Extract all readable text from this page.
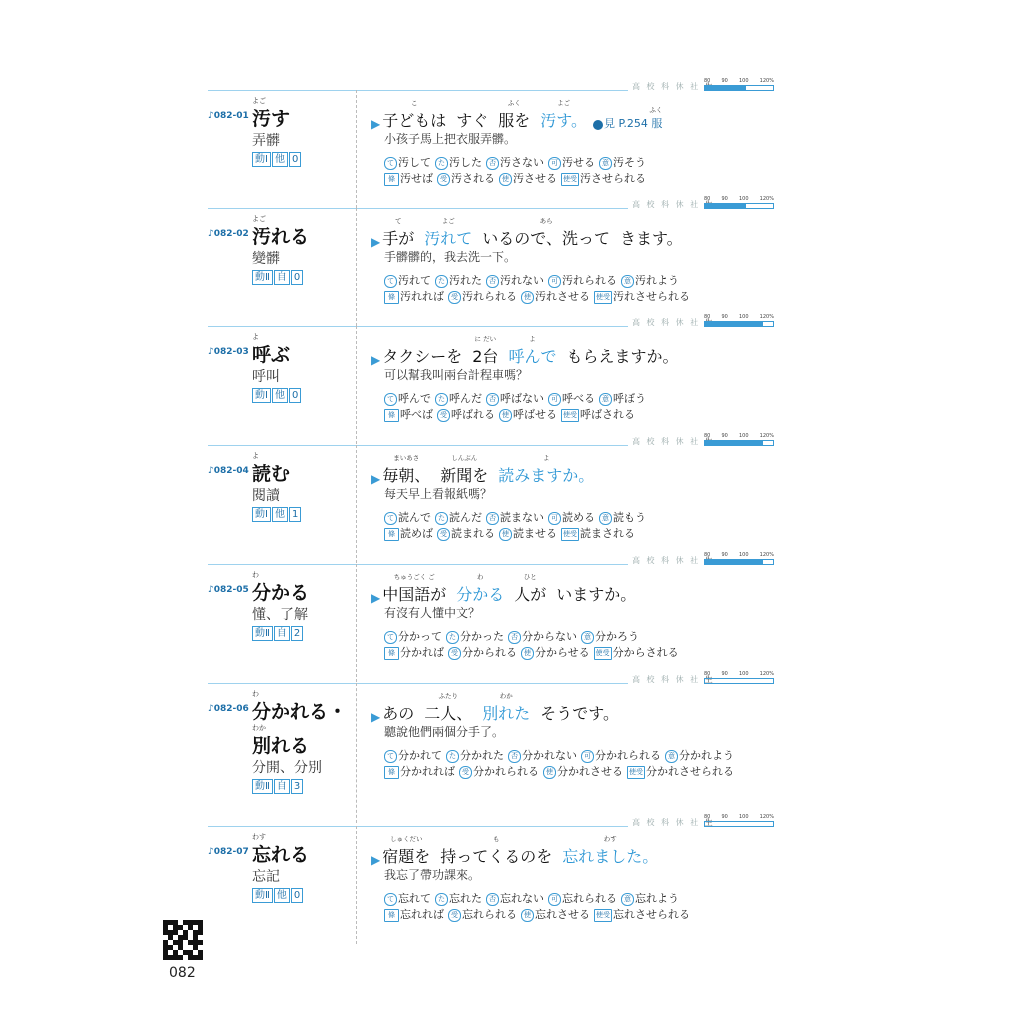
高 校 科 休 社
80 90 100 120%
♪082-01
よご
汚す
弄髒
動Ⅰ 他 0
▶
こ
子どもは すぐ
ふく
服を
よご
汚す。
ふく
見 P.254 服
小孩子馬上把衣服弄髒。
て 汚して た 汚した 否 汚さない 可 汚せる 意 汚そう
條 汚せば 受 汚される 使 汚させる 使受 汚させられる
高 校 科 休 社
80 90 100 120%
♪082-02
よご
汚れる
變髒
動Ⅱ 自 0
▶
て
手が
よご
汚れて
あら
いるので、洗って きます。
手髒髒的，我去洗一下。
て 汚れて た 汚れた 否 汚れない 可 汚れられる 意 汚れよう
條 汚れれば 受 汚れられる 使 汚れさせる 使受 汚れさせられる
高 校 科 休 社
80 90 100 120%
♪082-03
よ
呼ぶ
呼叫
動Ⅰ 他 0
▶ タクシーを
に だい
2台
よ
呼んで もらえますか。
可以幫我叫兩台計程車嗎？
て 呼んで た 呼んだ 否 呼ばない 可 呼べる 意 呼ぼう
條 呼べば 受 呼ばれる 使 呼ばせる 使受 呼ばされる
高 校 科 休 社
80 90 100 120%
♪082-04
よ
読む
閱讀
動Ⅰ 他 1
▶
まいあさ
毎朝、
しんぶん
新聞を
よ
読みますか。
每天早上看報紙嗎？
て 読んで た 読んだ 否 読まない 可 読める 意 読もう
條 読めば 受 読まれる 使 読ませる 使受 読まされる
高 校 科 休 社
80 90 100 120%
♪082-05
わ
分かる
懂、了解
動Ⅱ 自 2
▶
ちゅうごく ご
中国語が
わ
分かる
ひと
人が いますか。
有沒有人懂中文？
て 分かって た 分かった 否 分からない 意 分かろう
條 分かれば 受 分かられる 使 分からせる 使受 分からされる
高 校 科 休 社 生
80 90 100 120%
♪082-06
わ
分かれる・
わか
別れる
分開、分別
動Ⅱ 自 3
▶ あの
ふたり
二人、
わか
別れた そうです。
聽說他們兩個分手了。
て 分かれて た 分かれた 否 分かれない 可 分かれられる 意 分かれよう
條 分かれれば 受 分かれられる 使 分かれさせる 使受 分かれさせられる
高 校 科 休 社 生
80 90 100 120%
♪082-07
わす
忘れる
忘記
動Ⅱ 他 0
▶
しゅくだい
宿題を
も
持ってくるのを
わす
忘れました。
我忘了帶功課來。
て 忘れて た 忘れた 否 忘れない 可 忘れられる 意 忘れよう
條 忘れれば 受 忘れられる 使 忘れさせる 使受 忘れさせられる
082
